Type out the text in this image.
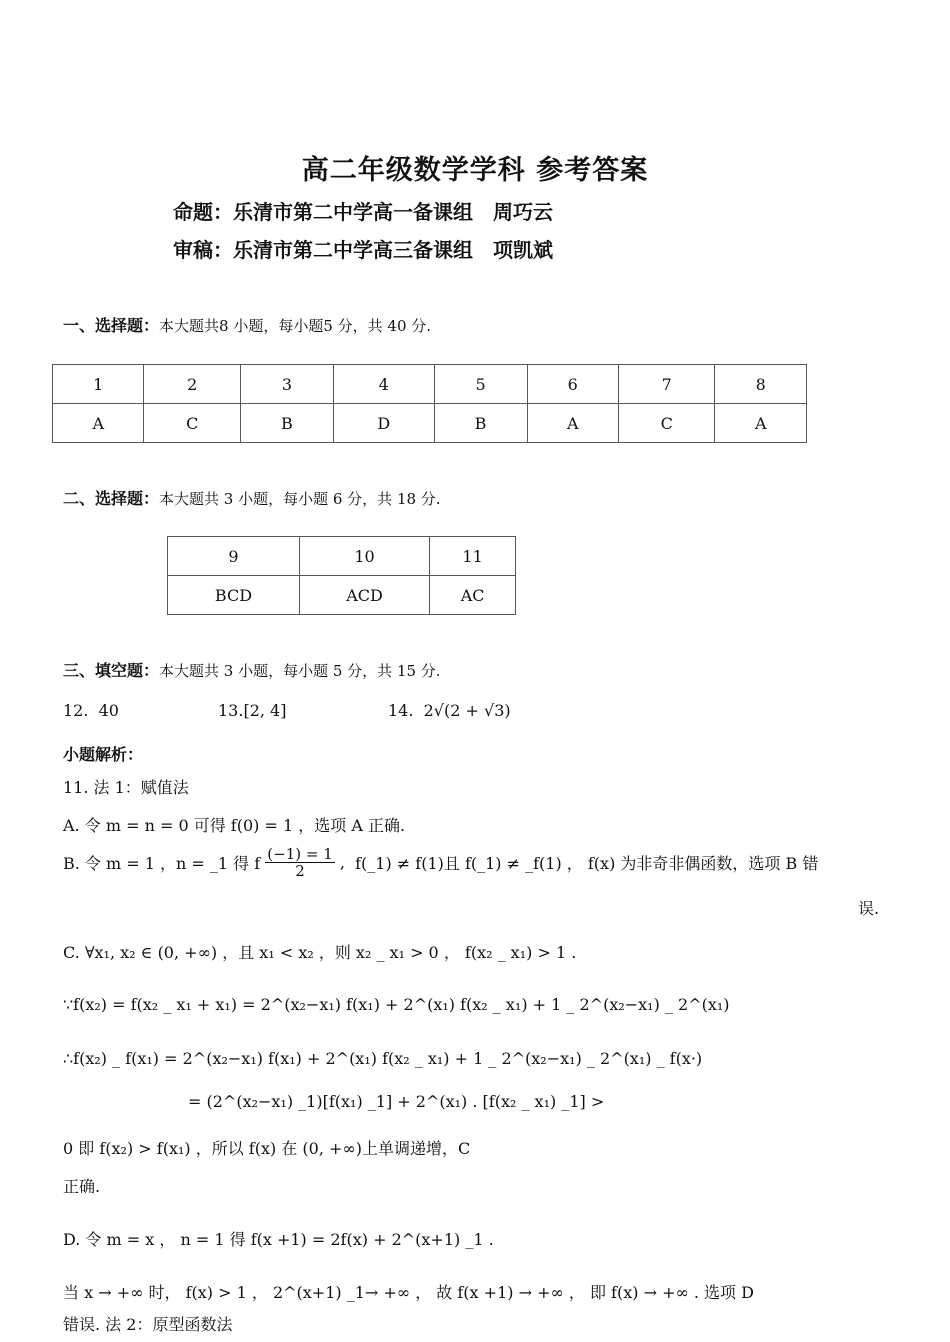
高二年级数学学科 参考答案
命题：乐清市第二中学高一备课组　周巧云
审稿：乐清市第二中学高三备课组　项凯斌
一、选择题：本大题共8 小题，每小题5 分，共 40 分.
1	2	3	4	5	6	7	8
A	C	B	D	B	A	C	A
二、选择题：本大题共 3 小题，每小题 6 分，共 18 分.
9	10	11
BCD	ACD	AC
三、填空题：本大题共 3 小题，每小题 5 分，共 15 分.
12. 40	13.[2, 4]	14. 2√(2 + √3)
小题解析：
11. 法 1：赋值法
A. 令 m = n = 0 可得 f(0) = 1 ，选项 A 正确.
B. 令 m = 1 ，n = _1 得 f $\frac{(-1) = 1}{2}$ ,  f(_1) ≠ f(1)且 f(_1) ≠ _f(1) ， f(x) 为非奇非偶函数，选项 B 错
误.
C. ∀x₁, x₂ ∈ (0, +∞) ，且 x₁ < x₂ ，则 x₂ _ x₁ > 0 ， f(x₂ _ x₁) > 1 .
∵f(x₂) = f(x₂ _ x₁ + x₁) = 2^(x₂−x₁) f(x₁) + 2^(x₁) f(x₂ _ x₁) + 1 _ 2^(x₂−x₁) _ 2^(x₁)
∴f(x₂) _ f(x₁) = 2^(x₂−x₁) f(x₁) + 2^(x₁) f(x₂ _ x₁) + 1 _ 2^(x₂−x₁) _ 2^(x₁) _ f(x·)
= (2^(x₂−x₁) _1)[f(x₁) _1] + 2^(x₁) . [f(x₂ _ x₁) _1] >
0 即 f(x₂) > f(x₁) ，所以 f(x) 在 (0, +∞)上单调递增，C
正确.
D. 令 m = x ， n = 1 得 f(x +1) = 2f(x) + 2^(x+1) _1 .
当 x → +∞ 时， f(x) > 1 ， 2^(x+1) _1→ +∞ ， 故 f(x +1) → +∞ ， 即 f(x) → +∞ . 选项 D
错误. 法 2：原型函数法
